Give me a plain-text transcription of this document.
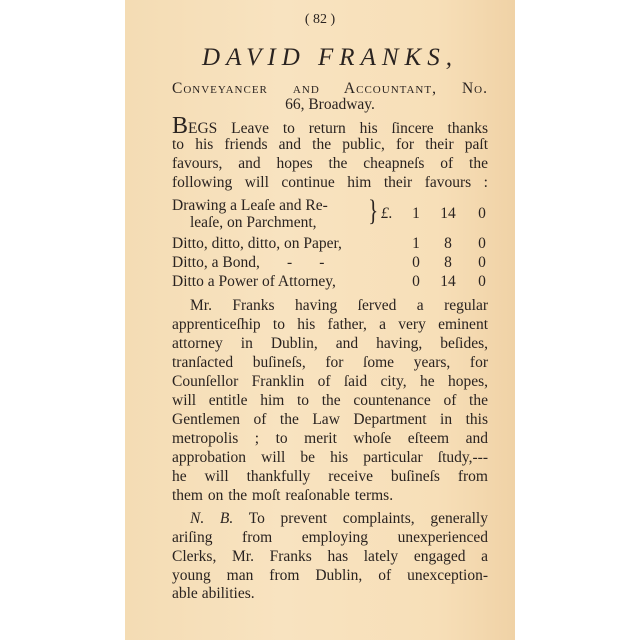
( 82 )
DAVID FRANKS,
Conveyancer and Accountant, No.
66, Broadway.
BEGS Leave to return his ſincere thanks
to his friends and the public, for their paſt
favours, and hopes the cheapneſs of the
following will continue him their favours :
Drawing a Leaſe and Re-
leaſe, on Parchment, } £.	1	14	0
Ditto, ditto, ditto, on Paper,	1	8	0
Ditto, a Bond,       -       -	0	8	0
Ditto a Power of Attorney,	0	14	0
Mr. Franks having ſerved a regular
apprenticeſhip to his father, a very eminent
attorney in Dublin, and having, beſides,
tranſacted buſineſs, for ſome years, for
Counſellor Franklin of ſaid city, he hopes,
will entitle him to the countenance of the
Gentlemen of the Law Department in this
metropolis ; to merit whoſe eſteem and
approbation will be his particular ſtudy,---
he will thankfully receive buſineſs from
them on the moſt reaſonable terms.
N. B. To prevent complaints, generally
ariſing from employing unexperienced
Clerks, Mr. Franks has lately engaged a
young man from Dublin, of unexception-
able abilities.
